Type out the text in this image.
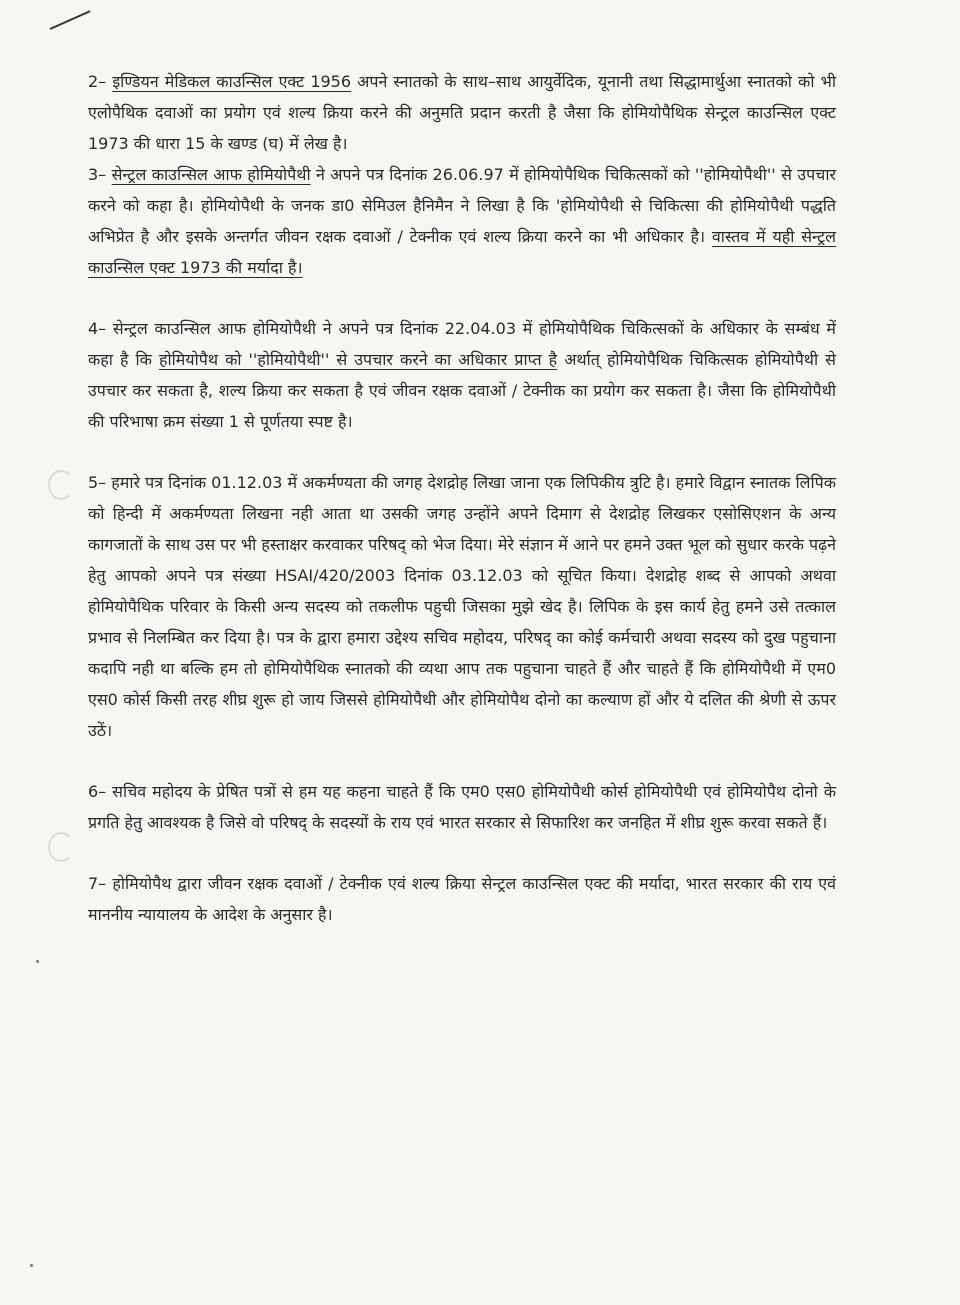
2– इण्डियन मेडिकल काउन्सिल एक्ट 1956 अपने स्नातको के साथ–साथ आयुर्वेदिक, यूनानी तथा सिद्धामार्थुआ स्नातको को भी एलोपैथिक दवाओं का प्रयोग एवं शल्य क्रिया करने की अनुमति प्रदान करती है जैसा कि होमियोपैथिक सेन्ट्रल काउन्सिल एक्ट 1973 की धारा 15 के खण्ड (घ) में लेख है।

3– सेन्ट्रल काउन्सिल आफ होमियोपैथी ने अपने पत्र दिनांक 26.06.97 में होमियोपैथिक चिकित्सकों को ''होमियोपैथी'' से उपचार करने को कहा है। होमियोपैथी के जनक डा0 सेमिउल हैनिमैन ने लिखा है कि 'होमियोपैथी से चिकित्सा की होमियोपैथी पद्धति अभिप्रेत है और इसके अन्तर्गत जीवन रक्षक दवाओं / टेक्नीक एवं शल्य क्रिया करने का भी अधिकार है। वास्तव में यही सेन्ट्रल काउन्सिल एक्ट 1973 की मर्यादा है।

4– सेन्ट्रल काउन्सिल आफ होमियोपैथी ने अपने पत्र दिनांक 22.04.03 में होमियोपैथिक चिकित्सकों के अधिकार के सम्बंध में कहा है कि होमियोपैथ को ''होमियोपैथी'' से उपचार करने का अधिकार प्राप्त है अर्थात् होमियोपैथिक चिकित्सक होमियोपैथी से उपचार कर सकता है, शल्य क्रिया कर सकता है एवं जीवन रक्षक दवाओं / टेक्नीक का प्रयोग कर सकता है। जैसा कि होमियोपैथी की परिभाषा क्रम संख्या 1 से पूर्णतया स्पष्ट है।

5– हमारे पत्र दिनांक 01.12.03 में अकर्मण्यता की जगह देशद्रोह लिखा जाना एक लिपिकीय त्रुटि है। हमारे विद्वान स्नातक लिपिक को हिन्दी में अकर्मण्यता लिखना नही आता था उसकी जगह उन्होंने अपने दिमाग से देशद्रोह लिखकर एसोसिएशन के अन्य कागजातों के साथ उस पर भी हस्ताक्षर करवाकर परिषद् को भेज दिया। मेरे संज्ञान में आने पर हमने उक्त भूल को सुधार करके पढ़ने हेतु आपको अपने पत्र संख्या HSAI/420/2003 दिनांक 03.12.03 को सूचित किया। देशद्रोह शब्द से आपको अथवा होमियोपैथिक परिवार के किसी अन्य सदस्य को तकलीफ पहुची जिसका मुझे खेद है। लिपिक के इस कार्य हेतु हमने उसे तत्काल प्रभाव से निलम्बित कर दिया है। पत्र के द्वारा हमारा उद्देश्य सचिव महोदय, परिषद् का कोई कर्मचारी अथवा सदस्य को दुख पहुचाना कदापि नही था बल्कि हम तो होमियोपैथिक स्नातको की व्यथा आप तक पहुचाना चाहते हैं और चाहते हैं कि होमियोपैथी में एम0 एस0 कोर्स किसी तरह शीघ्र शुरू हो जाय जिससे होमियोपैथी और होमियोपैथ दोनो का कल्याण हों और ये दलित की श्रेणी से ऊपर उठें।

6– सचिव महोदय के प्रेषित पत्रों से हम यह कहना चाहते हैं कि एम0 एस0 होमियोपैथी कोर्स होमियोपैथी एवं होमियोपैथ दोनो के प्रगति हेतु आवश्यक है जिसे वो परिषद् के सदस्यों के राय एवं भारत सरकार से सिफारिश कर जनहित में शीघ्र शुरू करवा सकते हैं।

7– होमियोपैथ द्वारा जीवन रक्षक दवाओं / टेक्नीक एवं शल्य क्रिया सेन्ट्रल काउन्सिल एक्ट की मर्यादा, भारत सरकार की राय एवं माननीय न्यायालय के आदेश के अनुसार है।
